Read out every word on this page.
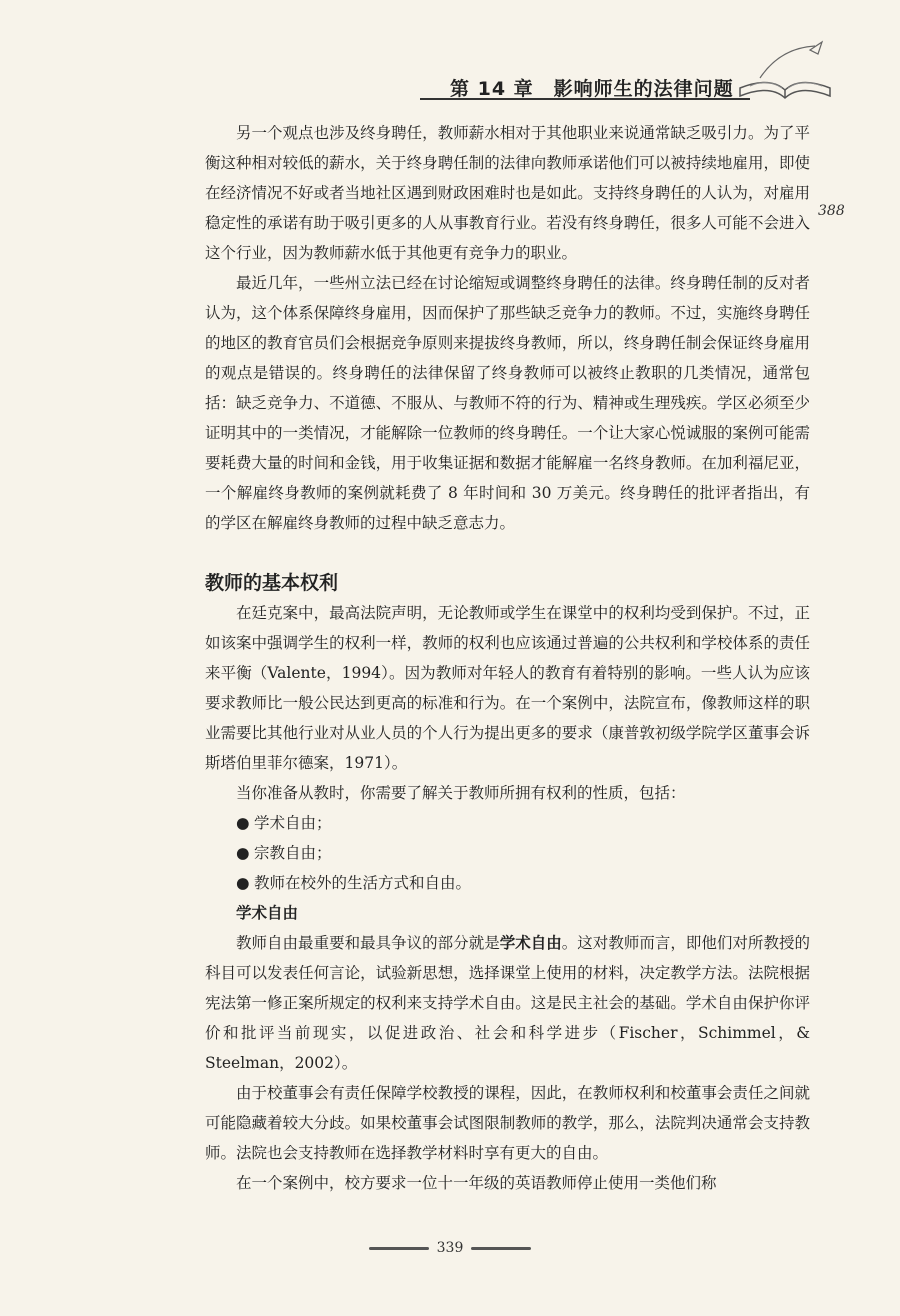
第 14 章　影响师生的法律问题
388

另一个观点也涉及终身聘任，教师薪水相对于其他职业来说通常缺乏吸引力。为了平衡这种相对较低的薪水，关于终身聘任制的法律向教师承诺他们可以被持续地雇用，即使在经济情况不好或者当地社区遇到财政困难时也是如此。支持终身聘任的人认为，对雇用稳定性的承诺有助于吸引更多的人从事教育行业。若没有终身聘任，很多人可能不会进入这个行业，因为教师薪水低于其他更有竞争力的职业。

最近几年，一些州立法已经在讨论缩短或调整终身聘任的法律。终身聘任制的反对者认为，这个体系保障终身雇用，因而保护了那些缺乏竞争力的教师。不过，实施终身聘任的地区的教育官员们会根据竞争原则来提拔终身教师，所以，终身聘任制会保证终身雇用的观点是错误的。终身聘任的法律保留了终身教师可以被终止教职的几类情况，通常包括：缺乏竞争力、不道德、不服从、与教师不符的行为、精神或生理残疾。学区必须至少证明其中的一类情况，才能解除一位教师的终身聘任。一个让大家心悦诚服的案例可能需要耗费大量的时间和金钱，用于收集证据和数据才能解雇一名终身教师。在加利福尼亚，一个解雇终身教师的案例就耗费了 8 年时间和 30 万美元。终身聘任的批评者指出，有的学区在解雇终身教师的过程中缺乏意志力。

教师的基本权利

在廷克案中，最高法院声明，无论教师或学生在课堂中的权利均受到保护。不过，正如该案中强调学生的权利一样，教师的权利也应该通过普遍的公共权利和学校体系的责任来平衡（Valente，1994）。因为教师对年轻人的教育有着特别的影响。一些人认为应该要求教师比一般公民达到更高的标准和行为。在一个案例中，法院宣布，像教师这样的职业需要比其他行业对从业人员的个人行为提出更多的要求（康普敦初级学院学区董事会诉斯塔伯里菲尔德案，1971）。

当你准备从教时，你需要了解关于教师所拥有权利的性质，包括：

● 学术自由；
● 宗教自由；
● 教师在校外的生活方式和自由。
学术自由

教师自由最重要和最具争议的部分就是学术自由。这对教师而言，即他们对所教授的科目可以发表任何言论，试验新思想，选择课堂上使用的材料，决定教学方法。法院根据宪法第一修正案所规定的权利来支持学术自由。这是民主社会的基础。学术自由保护你评价和批评当前现实，以促进政治、社会和科学进步（Fischer，Schimmel，& Steelman，2002）。

由于校董事会有责任保障学校教授的课程，因此，在教师权利和校董事会责任之间就可能隐藏着较大分歧。如果校董事会试图限制教师的教学，那么，法院判决通常会支持教师。法院也会支持教师在选择教学材料时享有更大的自由。

在一个案例中，校方要求一位十一年级的英语教师停止使用一类他们称

339
